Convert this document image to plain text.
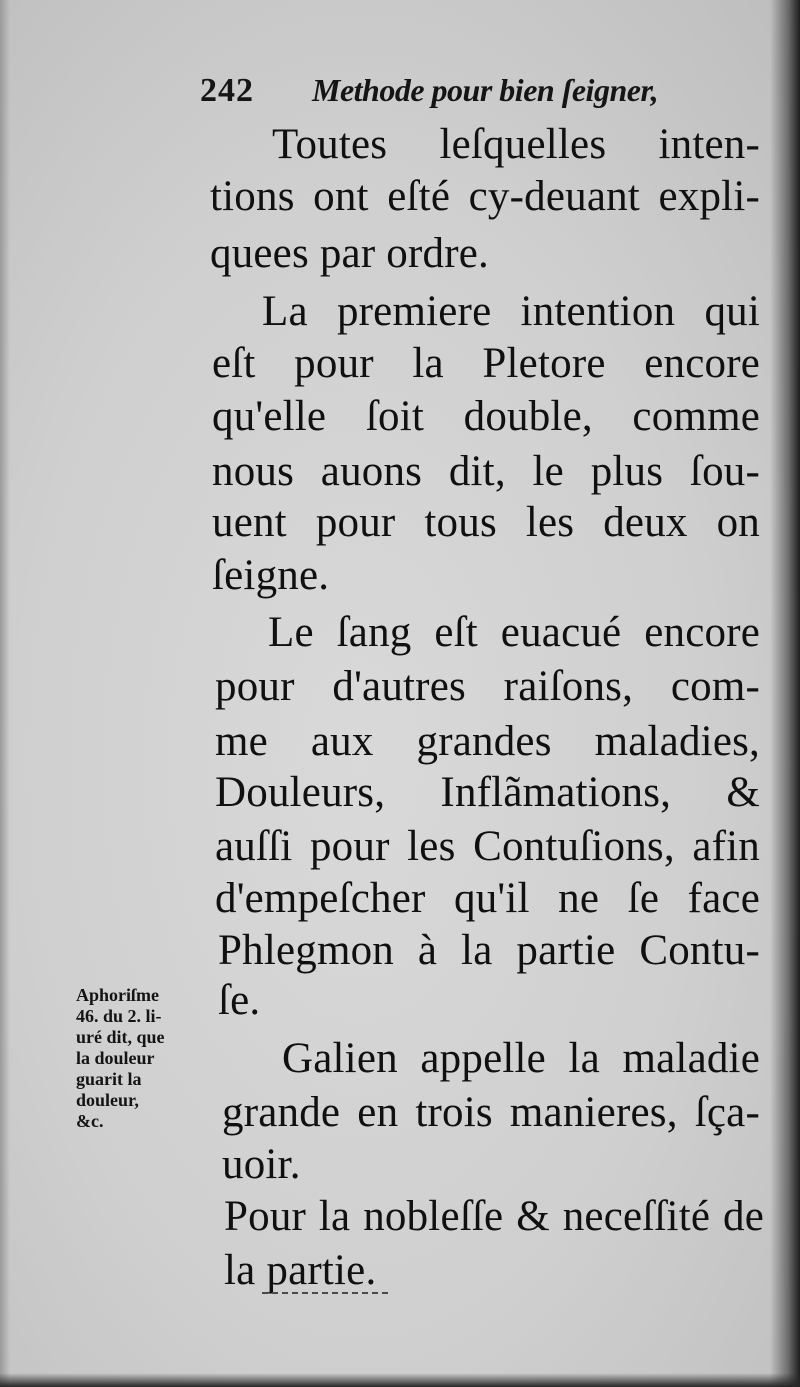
242 Methode pour bien ſeigner,
Toutes leſquelles inten-
tions ont eſté cy-deuant expli-
quees par ordre.
La premiere intention qui
eſt pour la Pletore encore
qu'elle ſoit double, comme
nous auons dit, le plus ſou-
uent pour tous les deux on
ſeigne.
Le ſang eſt euacué encore
pour d'autres raiſons, com-
me aux grandes maladies,
Douleurs, Inflãmations, &
auſſi pour les Contuſions, afin
d'empeſcher qu'il ne ſe face
Phlegmon à la partie Contu-
ſe.
Galien appelle la maladie
grande en trois manieres, ſça-
uoir.
Pour la nobleſſe & neceſſité de
la partie.
Aphoriſme
46. du 2. li-
uré dit, que
la douleur
guarit la
douleur,
&c.
